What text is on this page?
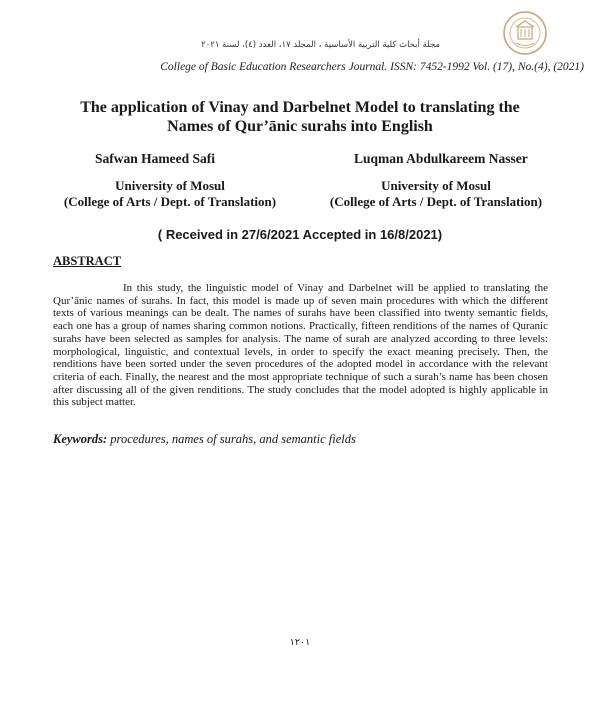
مجلة أبحاث كلية التربية الأساسية ، المجلد ١٧، العدد (٤)، لسنة ٢٠٢١
College of Basic Education Researchers Journal. ISSN: 7452-1992 Vol. (17), No.(4), (2021)
The application of Vinay and Darbelnet Model to translating the Names of Qur’ānic surahs into English
Safwan Hameed Safi	Luqman Abdulkareem Nasser
University of Mosul
(College of Arts / Dept. of Translation)
University of Mosul
(College of Arts / Dept. of Translation)
( Received in 27/6/2021 Accepted in 16/8/2021)
ABSTRACT

In this study, the linguistic model of Vinay and Darbelnet will be applied to translating the Qur’ānic names of surahs. In fact, this model is made up of seven main procedures with which the different texts of various meanings can be dealt. The names of surahs have been classified into twenty semantic fields, each one has a group of names sharing common notions. Practically, fifteen renditions of the names of Quranic surahs have been selected as samples for analysis. The name of surah are analyzed according to three levels: morphological, linguistic, and contextual levels, in order to specify the exact meaning precisely. Then, the renditions have been sorted under the seven procedures of the adopted model in accordance with the relevant criteria of each. Finally, the nearest and the most appropriate technique of such a surah’s name has been chosen after discussing all of the given renditions. The study concludes that the model adopted is highly applicable in this subject matter.

Keywords: procedures, names of surahs, and semantic fields
١٢٠١
